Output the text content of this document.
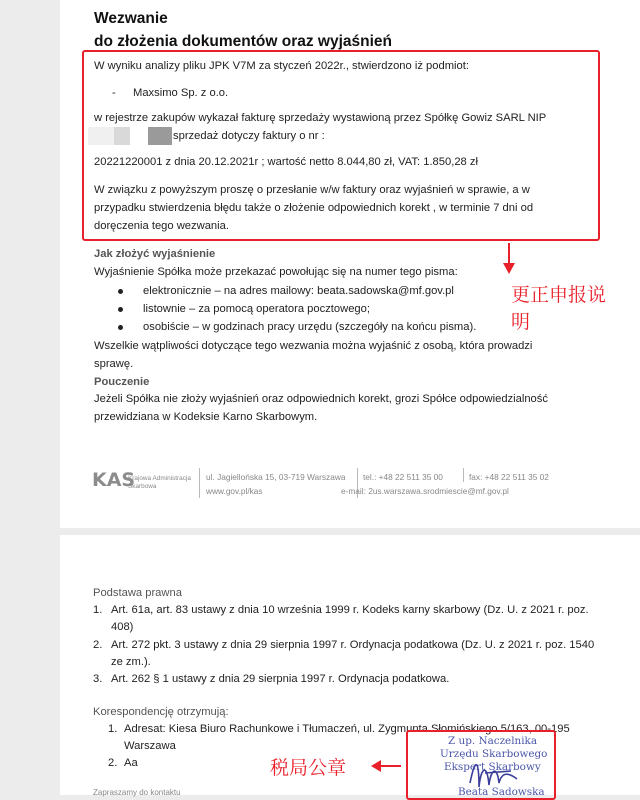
Wezwanie
do złożenia dokumentów oraz wyjaśnień
W wyniku analizy pliku JPK V7M za styczeń 2022r., stwierdzono iż podmiot:
- Maxsimo Sp. z o.o.
w rejestrze zakupów wykazał fakturę sprzedaży wystawioną przez Spółkę Gowiz SARL NIP
sprzedaż dotyczy faktury o nr :
20221220001 z dnia 20.12.2021r ; wartość netto 8.044,80 zł, VAT: 1.850,28 zł
W związku z powyższym proszę o przesłanie w/w faktury oraz wyjaśnień w sprawie, a w
przypadku stwierdzenia błędu także o złożenie odpowiednich korekt , w terminie 7 dni od
doręczenia tego wezwania.
Jak złożyć wyjaśnienie
Wyjaśnienie Spółka może przekazać powołując się na numer tego pisma:
elektronicznie – na adres mailowy: beata.sadowska@mf.gov.pl
listownie – za pomocą operatora pocztowego;
osobiście – w godzinach pracy urzędu (szczegóły na końcu pisma).
Wszelkie wątpliwości dotyczące tego wezwania można wyjaśnić z osobą, która prowadzi
sprawę.
Pouczenie
Jeżeli Spółka nie złoży wyjaśnień oraz odpowiednich korekt, grozi Spółce odpowiedzialność
przewidziana w Kodeksie Karno Skarbowym.
KAS
Krajowa Administracja
Skarbowa
ul. Jagiellońska 15, 03-719 Warszawa
www.gov.pl/kas
tel.: +48 22 511 35 00	fax: +48 22 511 35 02
e-mail: 2us.warszawa.srodmiescie@mf.gov.pl
Podstawa prawna
1. Art. 61a, art. 83 ustawy z dnia 10 września 1999 r. Kodeks karny skarbowy (Dz. U. z 2021 r. poz.
408)
2. Art. 272 pkt. 3 ustawy z dnia 29 sierpnia 1997 r. Ordynacja podatkowa (Dz. U. z 2021 r. poz. 1540
ze zm.).
3. Art. 262 § 1 ustawy z dnia 29 sierpnia 1997 r. Ordynacja podatkowa.
Korespondencję otrzymują:
1. Adresat: Kiesa Biuro Rachunkowe i Tłumaczeń, ul. Zygmunta Słomińskiego 5/163, 00-195
Warszawa
2. Aa
Zapraszamy do kontaktu
Z up. Naczelnika
Urzędu Skarbowego
Ekspert Skarbowy
Beata Sadowska
更正申报说
明
税局公章
